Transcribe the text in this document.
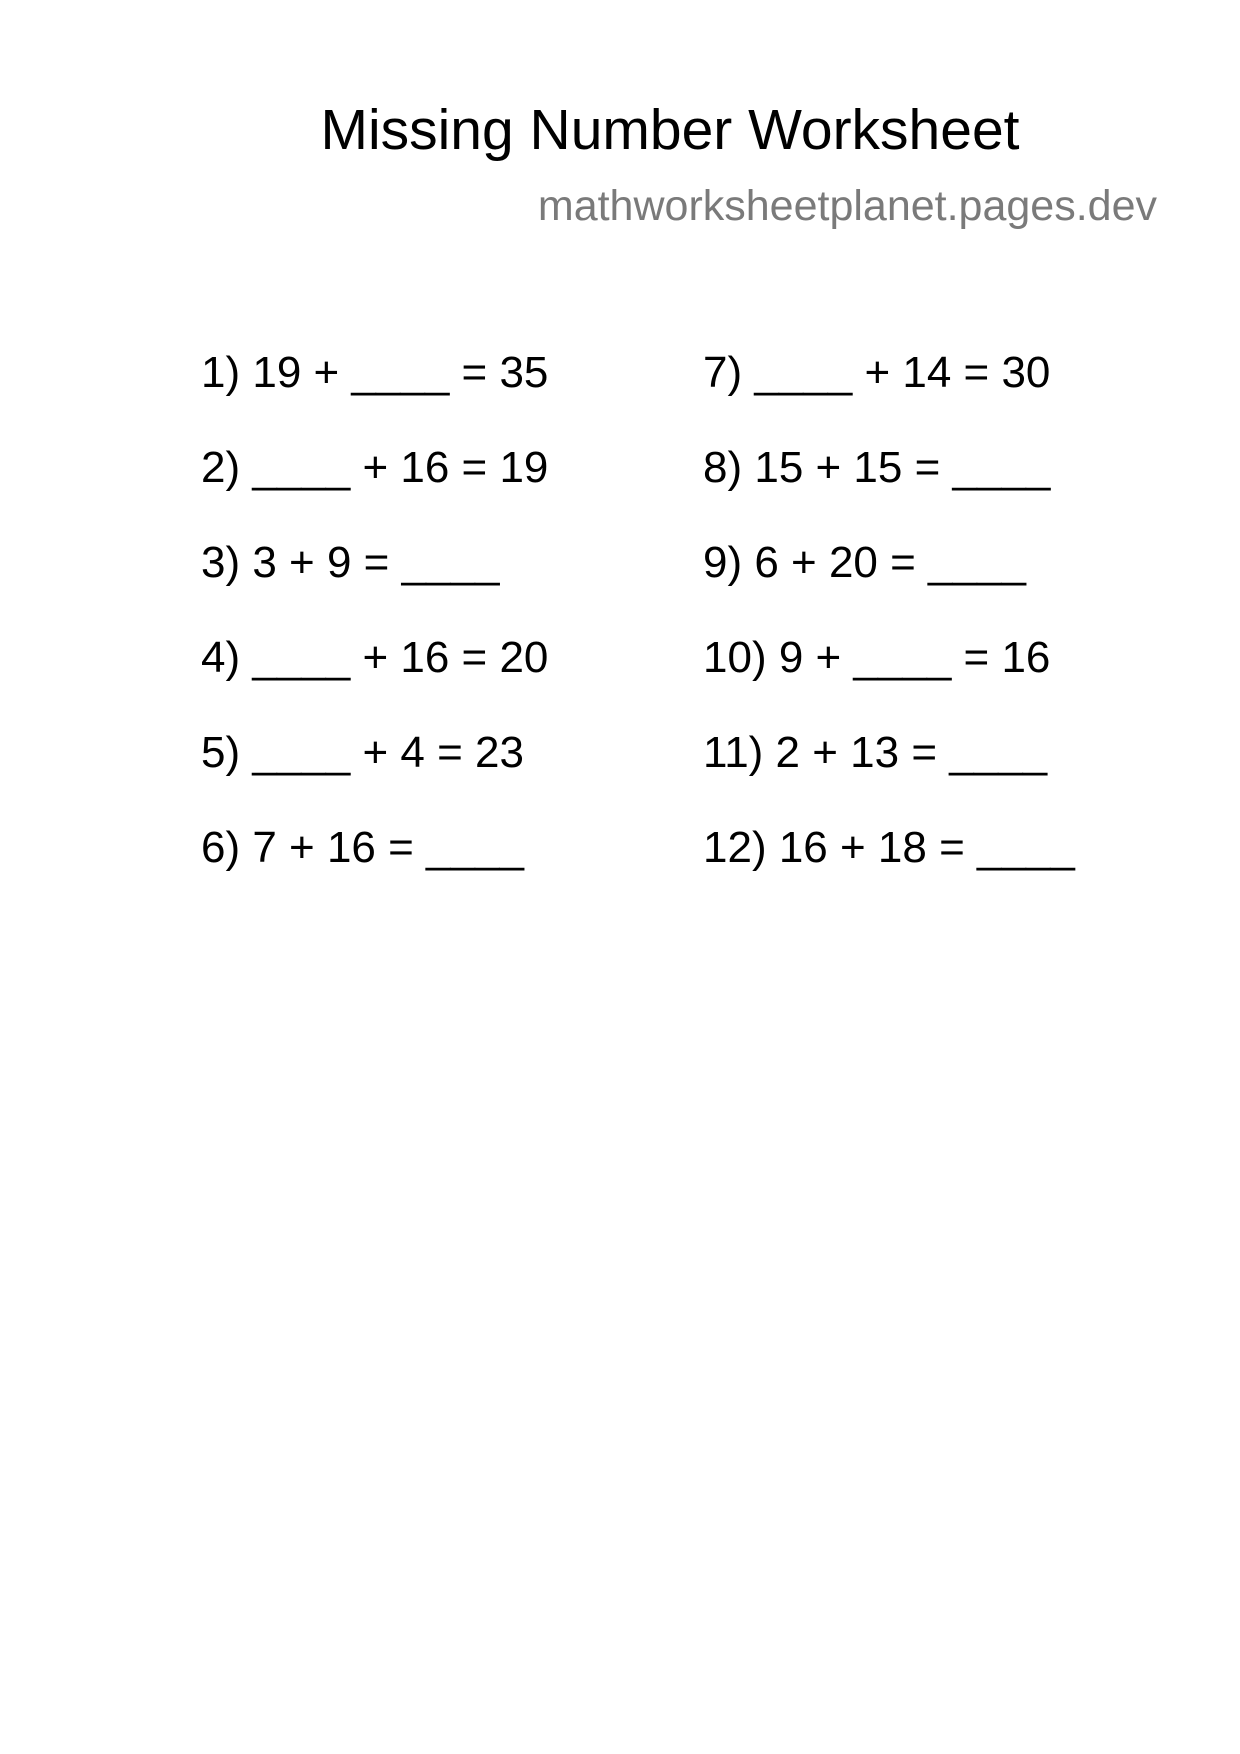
Missing Number Worksheet
mathworksheetplanet.pages.dev
1) 19 + ____ = 35
2) ____ + 16 = 19
3) 3 + 9 = ____
4) ____ + 16 = 20
5) ____ + 4 = 23
6) 7 + 16 = ____
7) ____ + 14 = 30
8) 15 + 15 = ____
9) 6 + 20 = ____
10) 9 + ____ = 16
11) 2 + 13 = ____
12) 16 + 18 = ____
